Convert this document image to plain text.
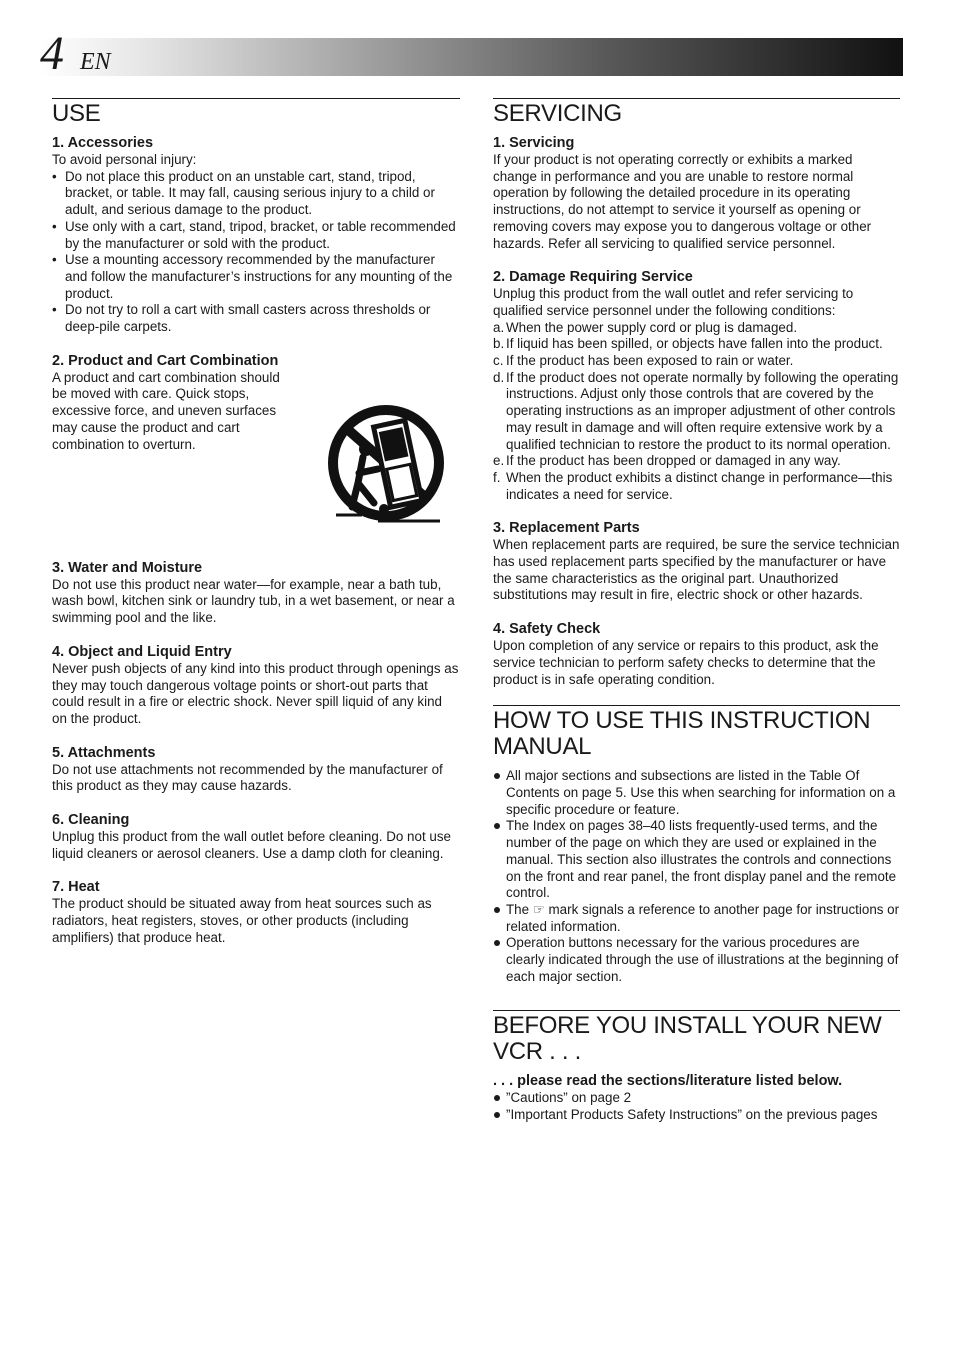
4 EN
USE

1. Accessories

To avoid personal injury:

• Do not place this product on an unstable cart, stand, tripod, bracket, or table. It may fall, causing serious injury to a child or adult, and serious damage to the product.
• Use only with a cart, stand, tripod, bracket, or table recommended by the manufacturer or sold with the product.
• Use a mounting accessory recommended by the manufacturer and follow the manufacturer’s instructions for any mounting of the product.
• Do not try to roll a cart with small casters across thresholds or deep-pile carpets.

2. Product and Cart Combination

A product and cart combination should be moved with care. Quick stops, excessive force, and uneven surfaces may cause the product and cart combination to overturn.

3. Water and Moisture

Do not use this product near water—for example, near a bath tub, wash bowl, kitchen sink or laundry tub, in a wet basement, or near a swimming pool and the like.

4. Object and Liquid Entry

Never push objects of any kind into this product through openings as they may touch dangerous voltage points or short-out parts that could result in a fire or electric shock. Never spill liquid of any kind on the product.

5. Attachments

Do not use attachments not recommended by the manufacturer of this product as they may cause hazards.

6. Cleaning

Unplug this product from the wall outlet before cleaning. Do not use liquid cleaners or aerosol cleaners. Use a damp cloth for cleaning.

7. Heat

The product should be situated away from heat sources such as radiators, heat registers, stoves, or other products (including amplifiers) that produce heat.

SERVICING

1. Servicing

If your product is not operating correctly or exhibits a marked change in performance and you are unable to restore normal operation by following the detailed procedure in its operating instructions, do not attempt to service it yourself as opening or removing covers may expose you to dangerous voltage or other hazards. Refer all servicing to qualified service personnel.

2. Damage Requiring Service

Unplug this product from the wall outlet and refer servicing to qualified service personnel under the following conditions:

a. When the power supply cord or plug is damaged.
b. If liquid has been spilled, or objects have fallen into the product.
c. If the product has been exposed to rain or water.
d. If the product does not operate normally by following the operating instructions. Adjust only those controls that are covered by the operating instructions as an improper adjustment of other controls may result in damage and will often require extensive work by a qualified technician to restore the product to its normal operation.
e. If the product has been dropped or damaged in any way.
f. When the product exhibits a distinct change in performance—this indicates a need for service.

3. Replacement Parts

When replacement parts are required, be sure the service technician has used replacement parts specified by the manufacturer or have the same characteristics as the original part. Unauthorized substitutions may result in fire, electric shock or other hazards.

4. Safety Check

Upon completion of any service or repairs to this product, ask the service technician to perform safety checks to determine that the product is in safe operating condition.

HOW TO USE THIS INSTRUCTION MANUAL
All major sections and subsections are listed in the Table Of Contents on page 5. Use this when searching for information on a specific procedure or feature.
The Index on pages 38–40 lists frequently-used terms, and the number of the page on which they are used or explained in the manual. This section also illustrates the controls and connections on the front and rear panel, the front display panel and the remote control.
The ☞ mark signals a reference to another page for instructions or related information.
Operation buttons necessary for the various procedures are clearly indicated through the use of illustrations at the beginning of each major section.
BEFORE YOU INSTALL YOUR NEW VCR . . .

. . . please read the sections/literature listed below.

”Cautions” on page 2
”Important Products Safety Instructions” on the previous pages
